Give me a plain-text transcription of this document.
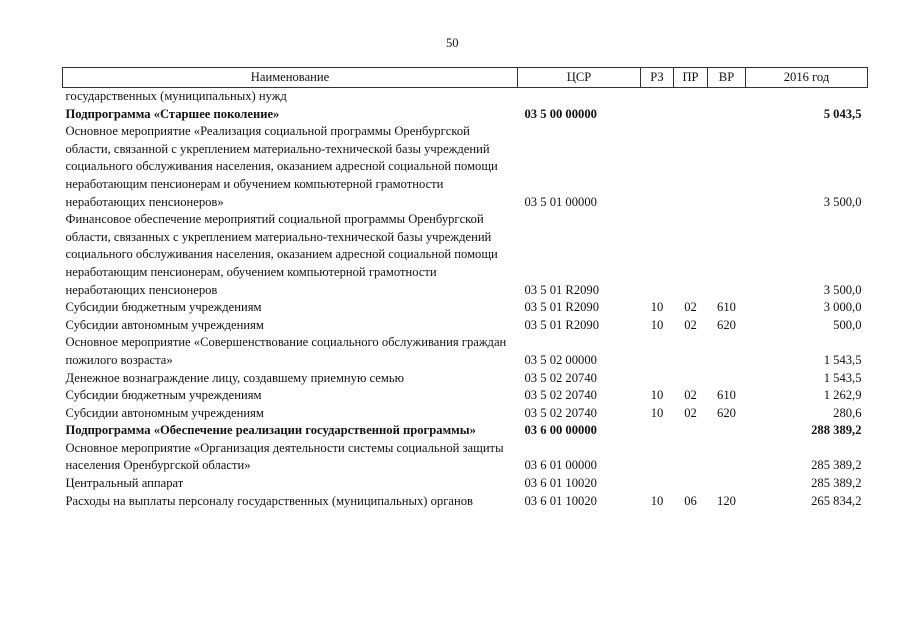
50
Наименование	ЦСР	РЗ	ПР	ВР	2016 год
государственных (муниципальных) нужд					
Подпрограмма «Старшее поколение»	03 5 00 00000				5 043,5
Основное мероприятие «Реализация социальной программы Оренбургской области, связанной с укреплением материально-технической базы учреждений социального обслуживания населения, оказанием адресной социальной помощи неработающим пенсионерам и обучением компьютерной грамотности неработающих пенсионеров»	03 5 01 00000				3 500,0
Финансовое обеспечение мероприятий социальной программы Оренбургской области, связанных с укреплением материально-технической базы учреждений социального обслуживания населения, оказанием адресной социальной помощи неработающим пенсионерам, обучением компьютерной грамотности неработающих пенсионеров	03 5 01 R2090				3 500,0
Субсидии бюджетным учреждениям	03 5 01 R2090	10	02	610	3 000,0
Субсидии автономным учреждениям	03 5 01 R2090	10	02	620	500,0
Основное мероприятие «Совершенствование социального обслуживания граждан пожилого возраста»	03 5 02 00000				1 543,5
Денежное вознаграждение лицу, создавшему приемную семью	03 5 02 20740				1 543,5
Субсидии бюджетным учреждениям	03 5 02 20740	10	02	610	1 262,9
Субсидии автономным учреждениям	03 5 02 20740	10	02	620	280,6
Подпрограмма «Обеспечение реализации государственной программы»	03 6 00 00000				288 389,2
Основное мероприятие «Организация деятельности системы социальной защиты населения Оренбургской области»	03 6 01 00000				285 389,2
Центральный аппарат	03 6 01 10020				285 389,2
Расходы на выплаты персоналу государственных (муниципальных) органов	03 6 01 10020	10	06	120	265 834,2
